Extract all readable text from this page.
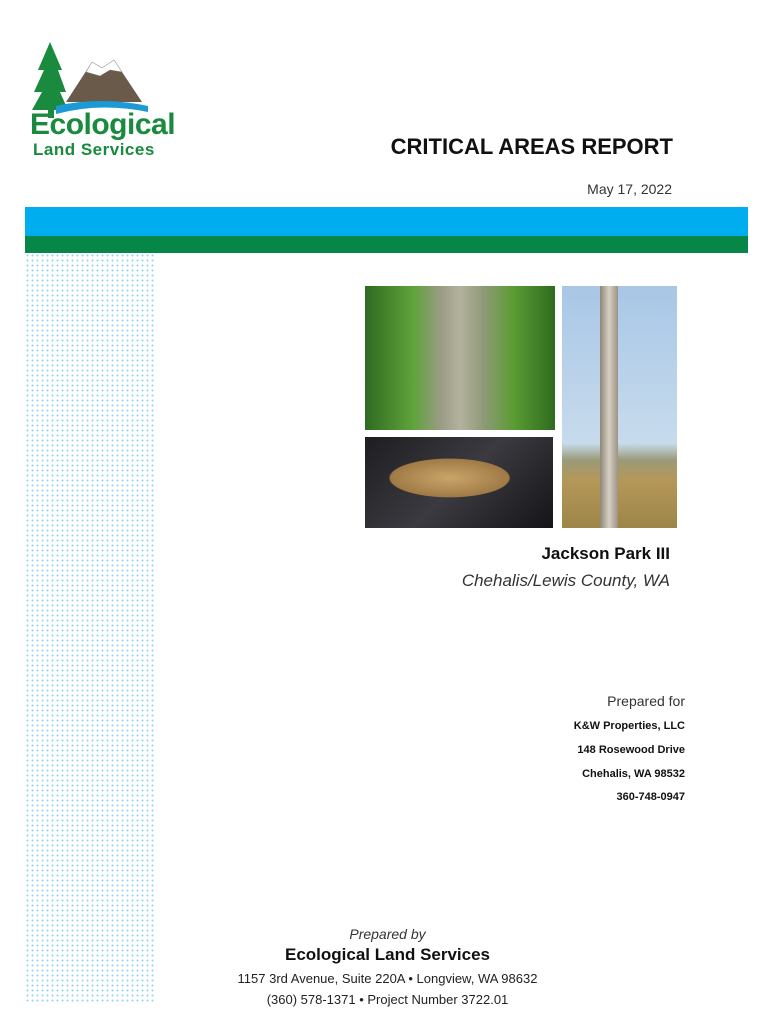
Ecological
Land Services	CRITICAL AREAS REPORT
May 17, 2022
Jackson Park III
Chehalis/Lewis County, WA
Prepared for
K&W Properties, LLC
148 Rosewood Drive
Chehalis, WA 98532
360-748-0947
Prepared by
Ecological Land Services
1157 3rd Avenue, Suite 220A • Longview, WA 98632
(360) 578-1371 • Project Number 3722.01
